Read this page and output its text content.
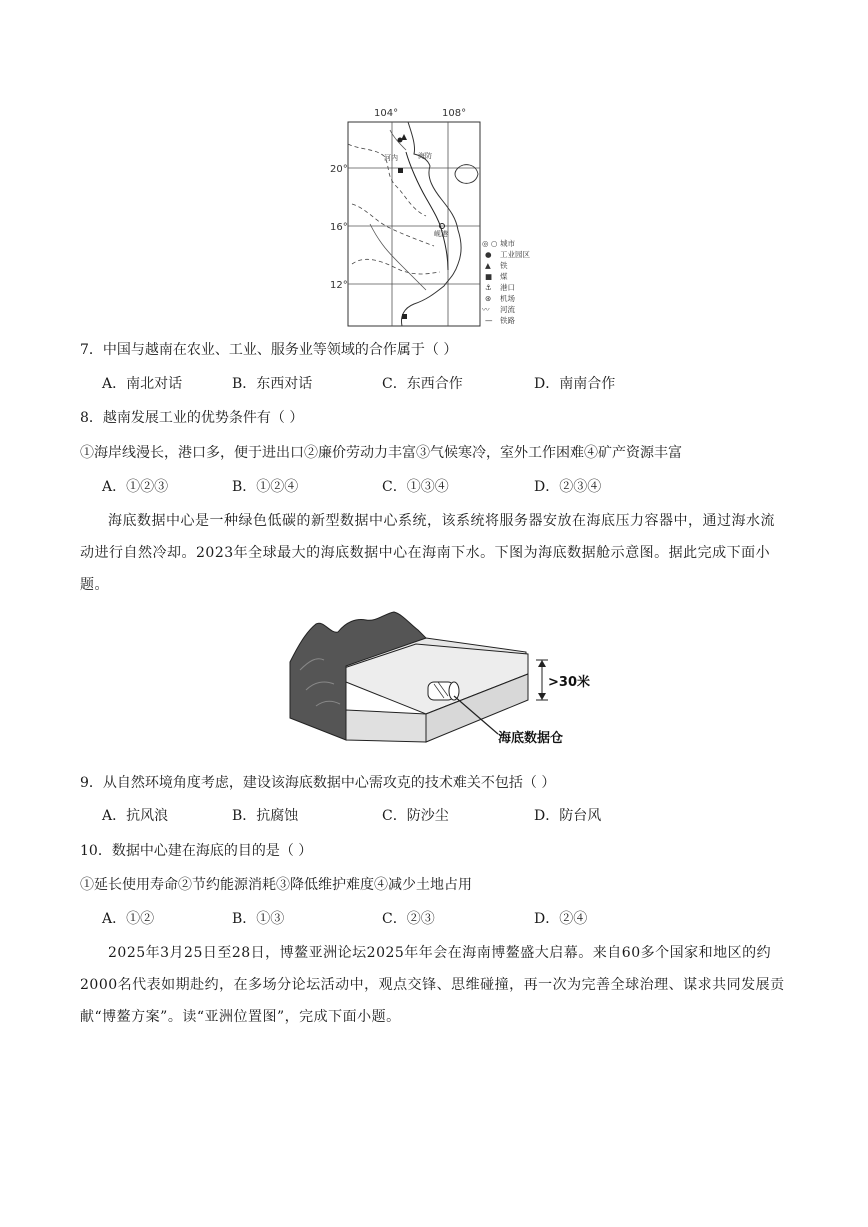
104°	108°
20°
16°
12°
河内	海防
岘港
◎ ○ 城市
● 工业园区
▲ 铁
■ 煤
⚓ 港口
⊛ 机场
〰 河流
— 铁路
7．中国与越南在农业、工业、服务业等领域的合作属于（ ）
A．南北对话	B．东西对话	C．东西合作	D．南南合作
8．越南发展工业的优势条件有（ ）
①海岸线漫长，港口多，便于进出口②廉价劳动力丰富③气候寒冷，室外工作困难④矿产资源丰富
A．①②③	B．①②④	C．①③④	D．②③④
海底数据中心是一种绿色低碳的新型数据中心系统，该系统将服务器安放在海底压力容器中，通过海水流动进行自然冷却。2023年全球最大的海底数据中心在海南下水。下图为海底数据舱示意图。据此完成下面小题。
海底数据仓
>30米
9．从自然环境角度考虑，建设该海底数据中心需攻克的技术难关不包括（ ）
A．抗风浪	B．抗腐蚀	C．防沙尘	D．防台风
10．数据中心建在海底的目的是（ ）
①延长使用寿命②节约能源消耗③降低维护难度④减少土地占用
A．①②	B．①③	C．②③	D．②④
2025年3月25日至28日，博鳌亚洲论坛2025年年会在海南博鳌盛大启幕。来自60多个国家和地区的约2000名代表如期赴约，在多场分论坛活动中，观点交锋、思维碰撞，再一次为完善全球治理、谋求共同发展贡献“博鳌方案”。读“亚洲位置图”，完成下面小题。
